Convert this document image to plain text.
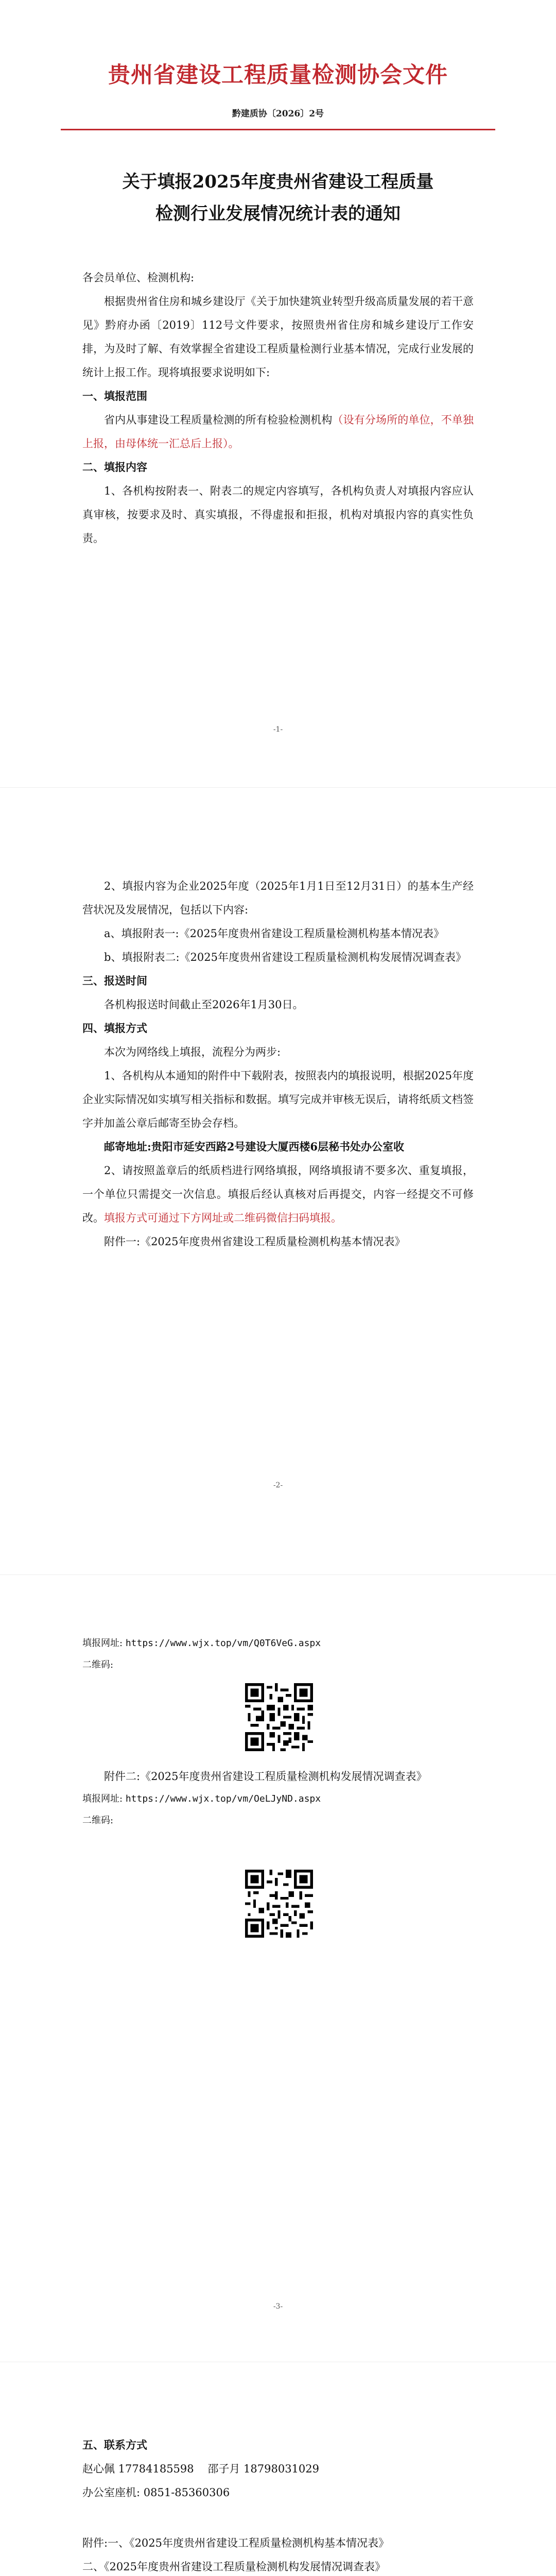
贵州省建设工程质量检测协会文件
黔建质协〔2026〕2号
关于填报2025年度贵州省建设工程质量
检测行业发展情况统计表的通知

各会员单位、检测机构:

根据贵州省住房和城乡建设厅《关于加快建筑业转型升级高质量发展的若干意见》黔府办函〔2019〕112号文件要求，按照贵州省住房和城乡建设厅工作安排，为及时了解、有效掌握全省建设工程质量检测行业基本情况，完成行业发展的统计上报工作。现将填报要求说明如下:

一、填报范围

省内从事建设工程质量检测的所有检验检测机构（设有分场所的单位，不单独上报，由母体统一汇总后上报）。

二、填报内容

1、各机构按附表一、附表二的规定内容填写，各机构负责人对填报内容应认真审核，按要求及时、真实填报，不得虚报和拒报，机构对填报内容的真实性负责。

-1-

2、填报内容为企业2025年度（2025年1月1日至12月31日）的基本生产经营状况及发展情况，包括以下内容:

a、填报附表一:《2025年度贵州省建设工程质量检测机构基本情况表》

b、填报附表二:《2025年度贵州省建设工程质量检测机构发展情况调查表》

三、报送时间

各机构报送时间截止至2026年1月30日。

四、填报方式

本次为网络线上填报，流程分为两步:

1、各机构从本通知的附件中下载附表，按照表内的填报说明，根据2025年度企业实际情况如实填写相关指标和数据。填写完成并审核无误后，请将纸质文档签字并加盖公章后邮寄至协会存档。

邮寄地址:贵阳市延安西路2号建设大厦西楼6层秘书处办公室收

2、请按照盖章后的纸质档进行网络填报，网络填报请不要多次、重复填报，一个单位只需提交一次信息。填报后经认真核对后再提交，内容一经提交不可修改。填报方式可通过下方网址或二维码微信扫码填报。

附件一:《2025年度贵州省建设工程质量检测机构基本情况表》

-2-

填报网址: https://www.wjx.top/vm/Q0T6VeG.aspx

二维码:

附件二:《2025年度贵州省建设工程质量检测机构发展情况调查表》

填报网址: https://www.wjx.top/vm/OeLJyND.aspx

二维码:

-3-

五、联系方式

赵心佩 17784185598 邵子月 18798031029

办公室座机: 0851-85360306

附件:一、《2025年度贵州省建设工程质量检测机构基本情况表》

二、《2025年度贵州省建设工程质量检测机构发展情况调查表》
